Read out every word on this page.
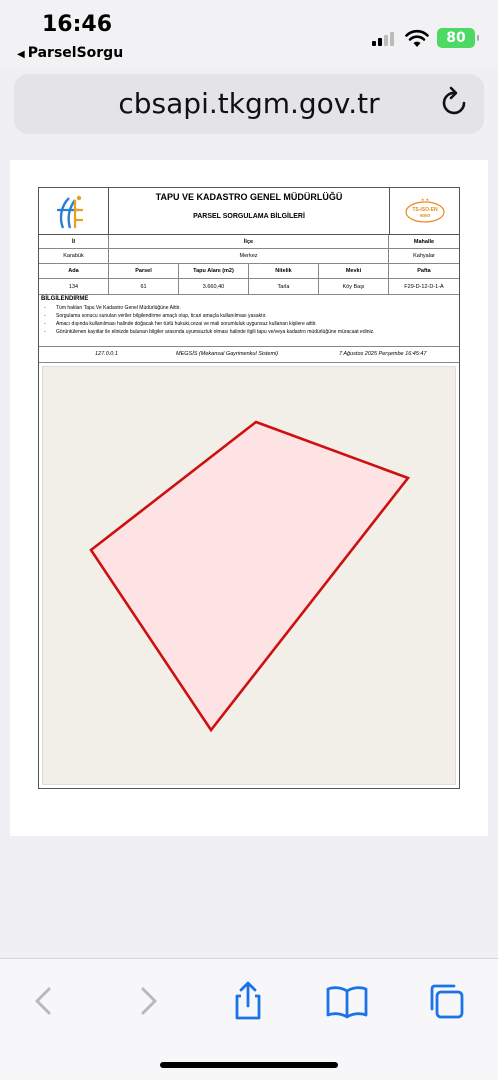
16:46
◀ ParselSorgu
80
cbsapi.tkgm.gov.tr
TAPU VE KADASTRO GENEL MÜDÜRLÜĞÜ
PARSEL SORGULAMA BİLGİLERİ
★ ★
TS-ISO-EN
9000
İl	İlçe	Mahalle
Karabük	Merkez	Kahyalar
Ada	Parsel	Tapu Alanı (m2)	Nitelik	Mevki	Pafta
134	61	3.660,40	Tarla	Köy Başı	F29-D-12-D-1-A
BİLGİLENDİRME
- Tüm hakları Tapu Ve Kadastro Genel Müdürlüğüne Aittir.
- Sorgulama sonucu sunulan veriler bilgilendirme amaçlı olup, ticari amaçla kullanılması yasaktır.
- Amacı dışında kullanılması halinde doğacak her türlü hukuki,cezai ve mali sorumluluk uygunsuz kullanan kişilere aittir.
- Görüntülenen kayıtlar ile elinizde bulunan bilgiler arasında uyumsuzluk olması halinde ilgili tapu ve/veya kadastro müdürlüğüne müracaat ediniz.
127.0.0.1	MEGSİS (Mekansal Gayrimenkul Sistemi)	7 Ağustos 2025 Perşembe 16:45:47
